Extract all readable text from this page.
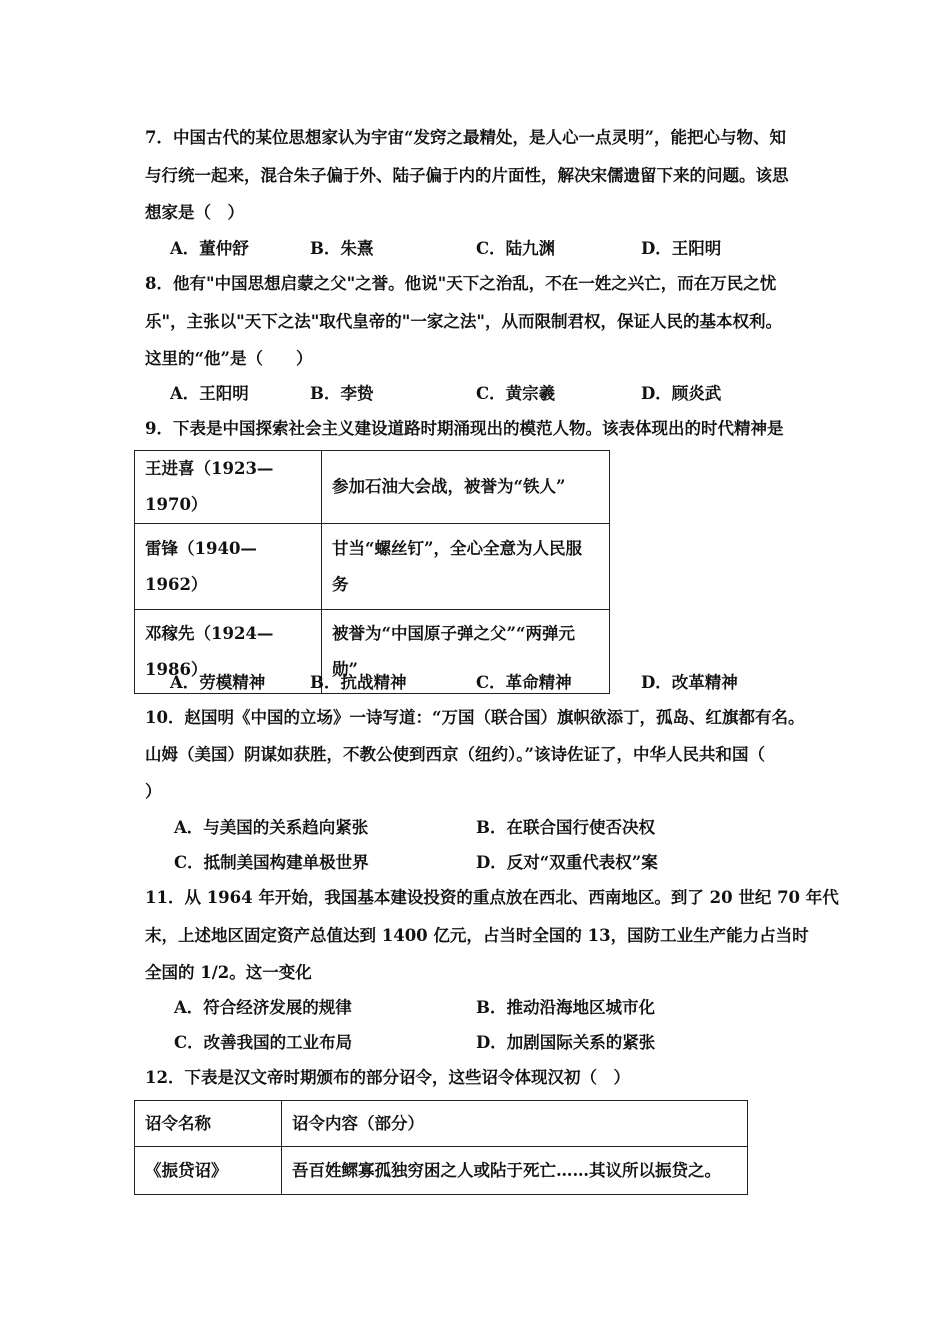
7．中国古代的某位思想家认为宇宙“发窍之最精处，是人心一点灵明”，能把心与物、知
与行统一起来，混合朱子偏于外、陆子偏于内的片面性，解决宋儒遗留下来的问题。该思
想家是（　）
A．董仲舒	B．朱熹	C．陆九渊	D．王阳明
8．他有"中国思想启蒙之父"之誉。他说"天下之治乱，不在一姓之兴亡，而在万民之忧
乐"，主张以"天下之法"取代皇帝的"一家之法"，从而限制君权，保证人民的基本权利。
这里的“他”是（　　）
A．王阳明	B．李贽	C．黄宗羲	D．顾炎武
9．下表是中国探索社会主义建设道路时期涌现出的模范人物。该表体现出的时代精神是
王进喜（1923—1970）	参加石油大会战，被誉为“铁人”
雷锋（1940—1962）	甘当“螺丝钉”，全心全意为人民服
务

邓稼先（1924—1986）	被誉为“中国原子弹之父”“两弹元
勋”
A．劳模精神	B．抗战精神	C．革命精神	D．改革精神
10．赵国明《中国的立场》一诗写道：“万国（联合国）旗帜欲添丁，孤岛、红旗都有名。
山姆（美国）阴谋如获胜，不教公使到西京（纽约）。”该诗佐证了，中华人民共和国（
）
A．与美国的关系趋向紧张	B．在联合国行使否决权
C．抵制美国构建单极世界	D．反对“双重代表权”案
11．从 1964 年开始，我国基本建设投资的重点放在西北、西南地区。到了 20 世纪 70 年代
末，上述地区固定资产总值达到 1400 亿元，占当时全国的 13，国防工业生产能力占当时
全国的 1/2。这一变化
A．符合经济发展的规律	B．推动沿海地区城市化
C．改善我国的工业布局	D．加剧国际关系的紧张
12．下表是汉文帝时期颁布的部分诏令，这些诏令体现汉初（　）
诏令名称	诏令内容（部分）
《振贷诏》	吾百姓鳏寡孤独穷困之人或阽于死亡……其议所以振贷之。
